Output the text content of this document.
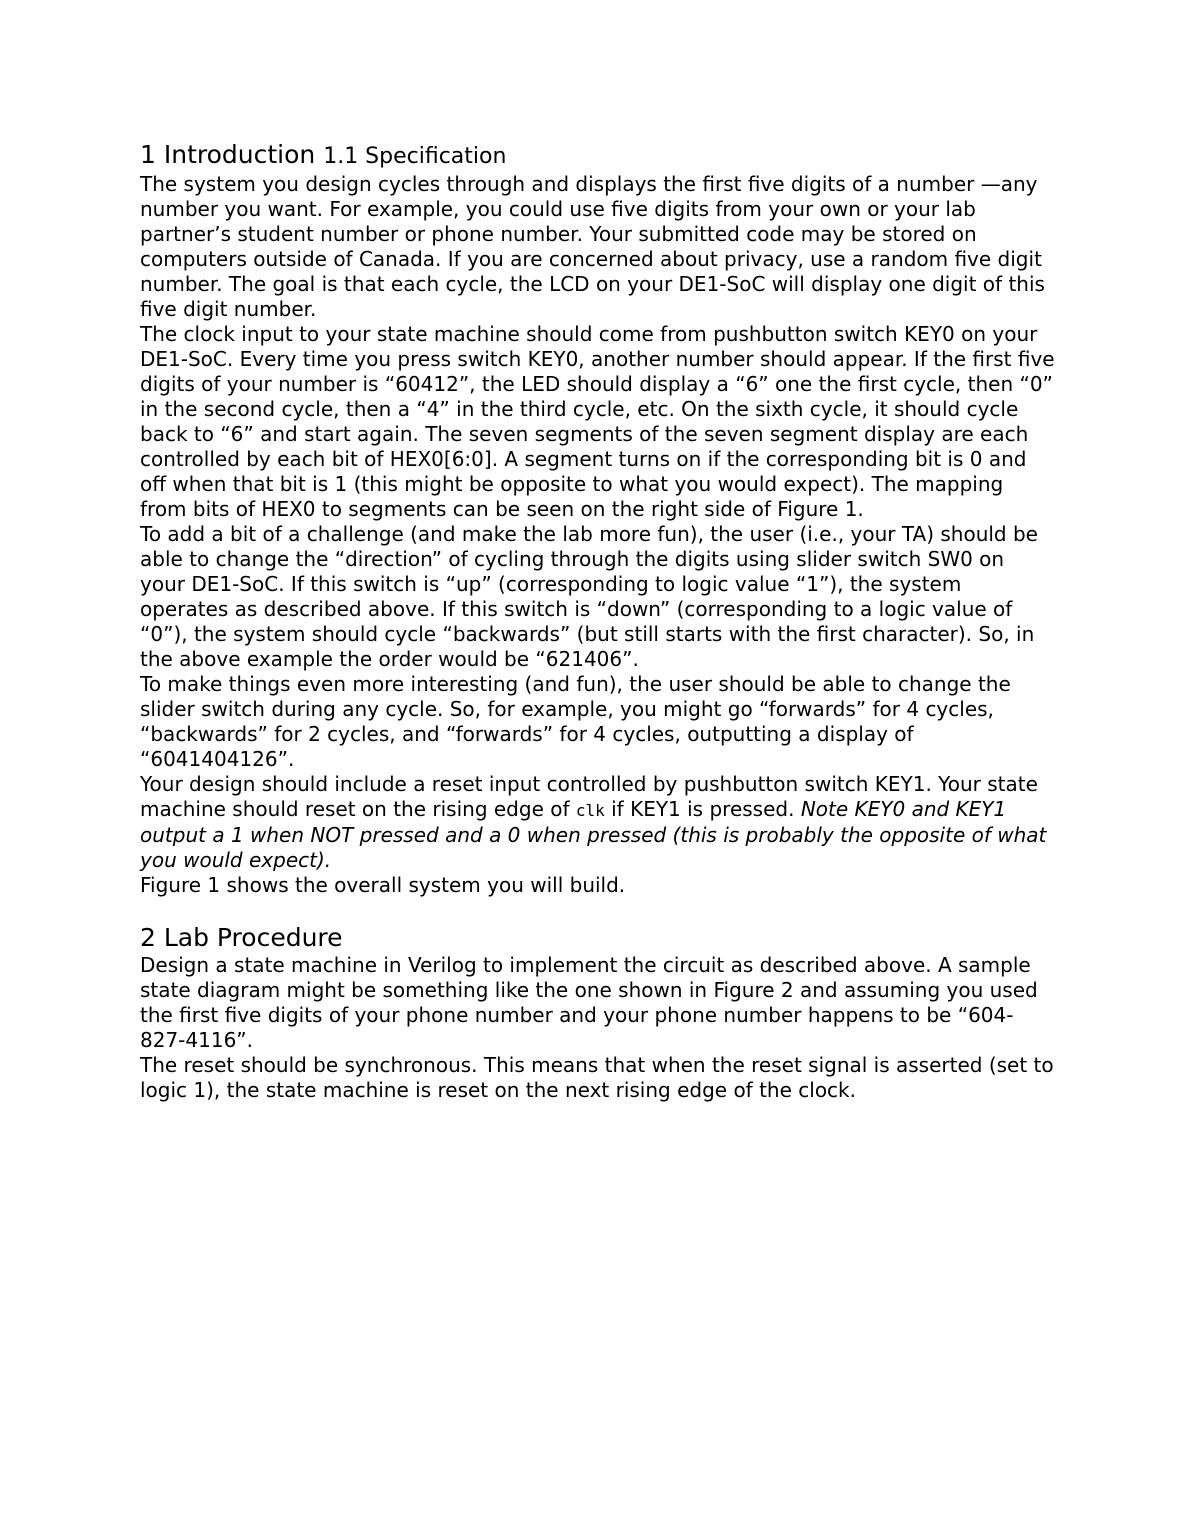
1 Introduction 1.1 Specification

The system you design cycles through and displays the first five digits of a number —any number you want. For example, you could use five digits from your own or your lab partner’s student number or phone number. Your submitted code may be stored on computers outside of Canada. If you are concerned about privacy, use a random five digit number. The goal is that each cycle, the LCD on your DE1-SoC will display one digit of this five digit number.

The clock input to your state machine should come from pushbutton switch KEY0 on your DE1-SoC. Every time you press switch KEY0, another number should appear. If the first five digits of your number is “60412”, the LED should display a “6” one the first cycle, then “0” in the second cycle, then a “4” in the third cycle, etc. On the sixth cycle, it should cycle back to “6” and start again. The seven segments of the seven segment display are each controlled by each bit of HEX0[6:0]. A segment turns on if the corresponding bit is 0 and off when that bit is 1 (this might be opposite to what you would expect). The mapping from bits of HEX0 to segments can be seen on the right side of Figure 1.

To add a bit of a challenge (and make the lab more fun), the user (i.e., your TA) should be able to change the “direction” of cycling through the digits using slider switch SW0 on your DE1-SoC. If this switch is “up” (corresponding to logic value “1”), the system operates as described above. If this switch is “down” (corresponding to a logic value of “0”), the system should cycle “backwards” (but still starts with the first character). So, in the above example the order would be “621406”.

To make things even more interesting (and fun), the user should be able to change the slider switch during any cycle. So, for example, you might go “forwards” for 4 cycles, “backwards” for 2 cycles, and “forwards” for 4 cycles, outputting a display of “6041404126”.

Your design should include a reset input controlled by pushbutton switch KEY1. Your state machine should reset on the rising edge of clk if KEY1 is pressed. Note KEY0 and KEY1 output a 1 when NOT pressed and a 0 when pressed (this is probably the opposite of what you would expect).

Figure 1 shows the overall system you will build.

2 Lab Procedure

Design a state machine in Verilog to implement the circuit as described above. A sample state diagram might be something like the one shown in Figure 2 and assuming you used the first five digits of your phone number and your phone number happens to be “604-827-4116”.

The reset should be synchronous. This means that when the reset signal is asserted (set to logic 1), the state machine is reset on the next rising edge of the clock.
